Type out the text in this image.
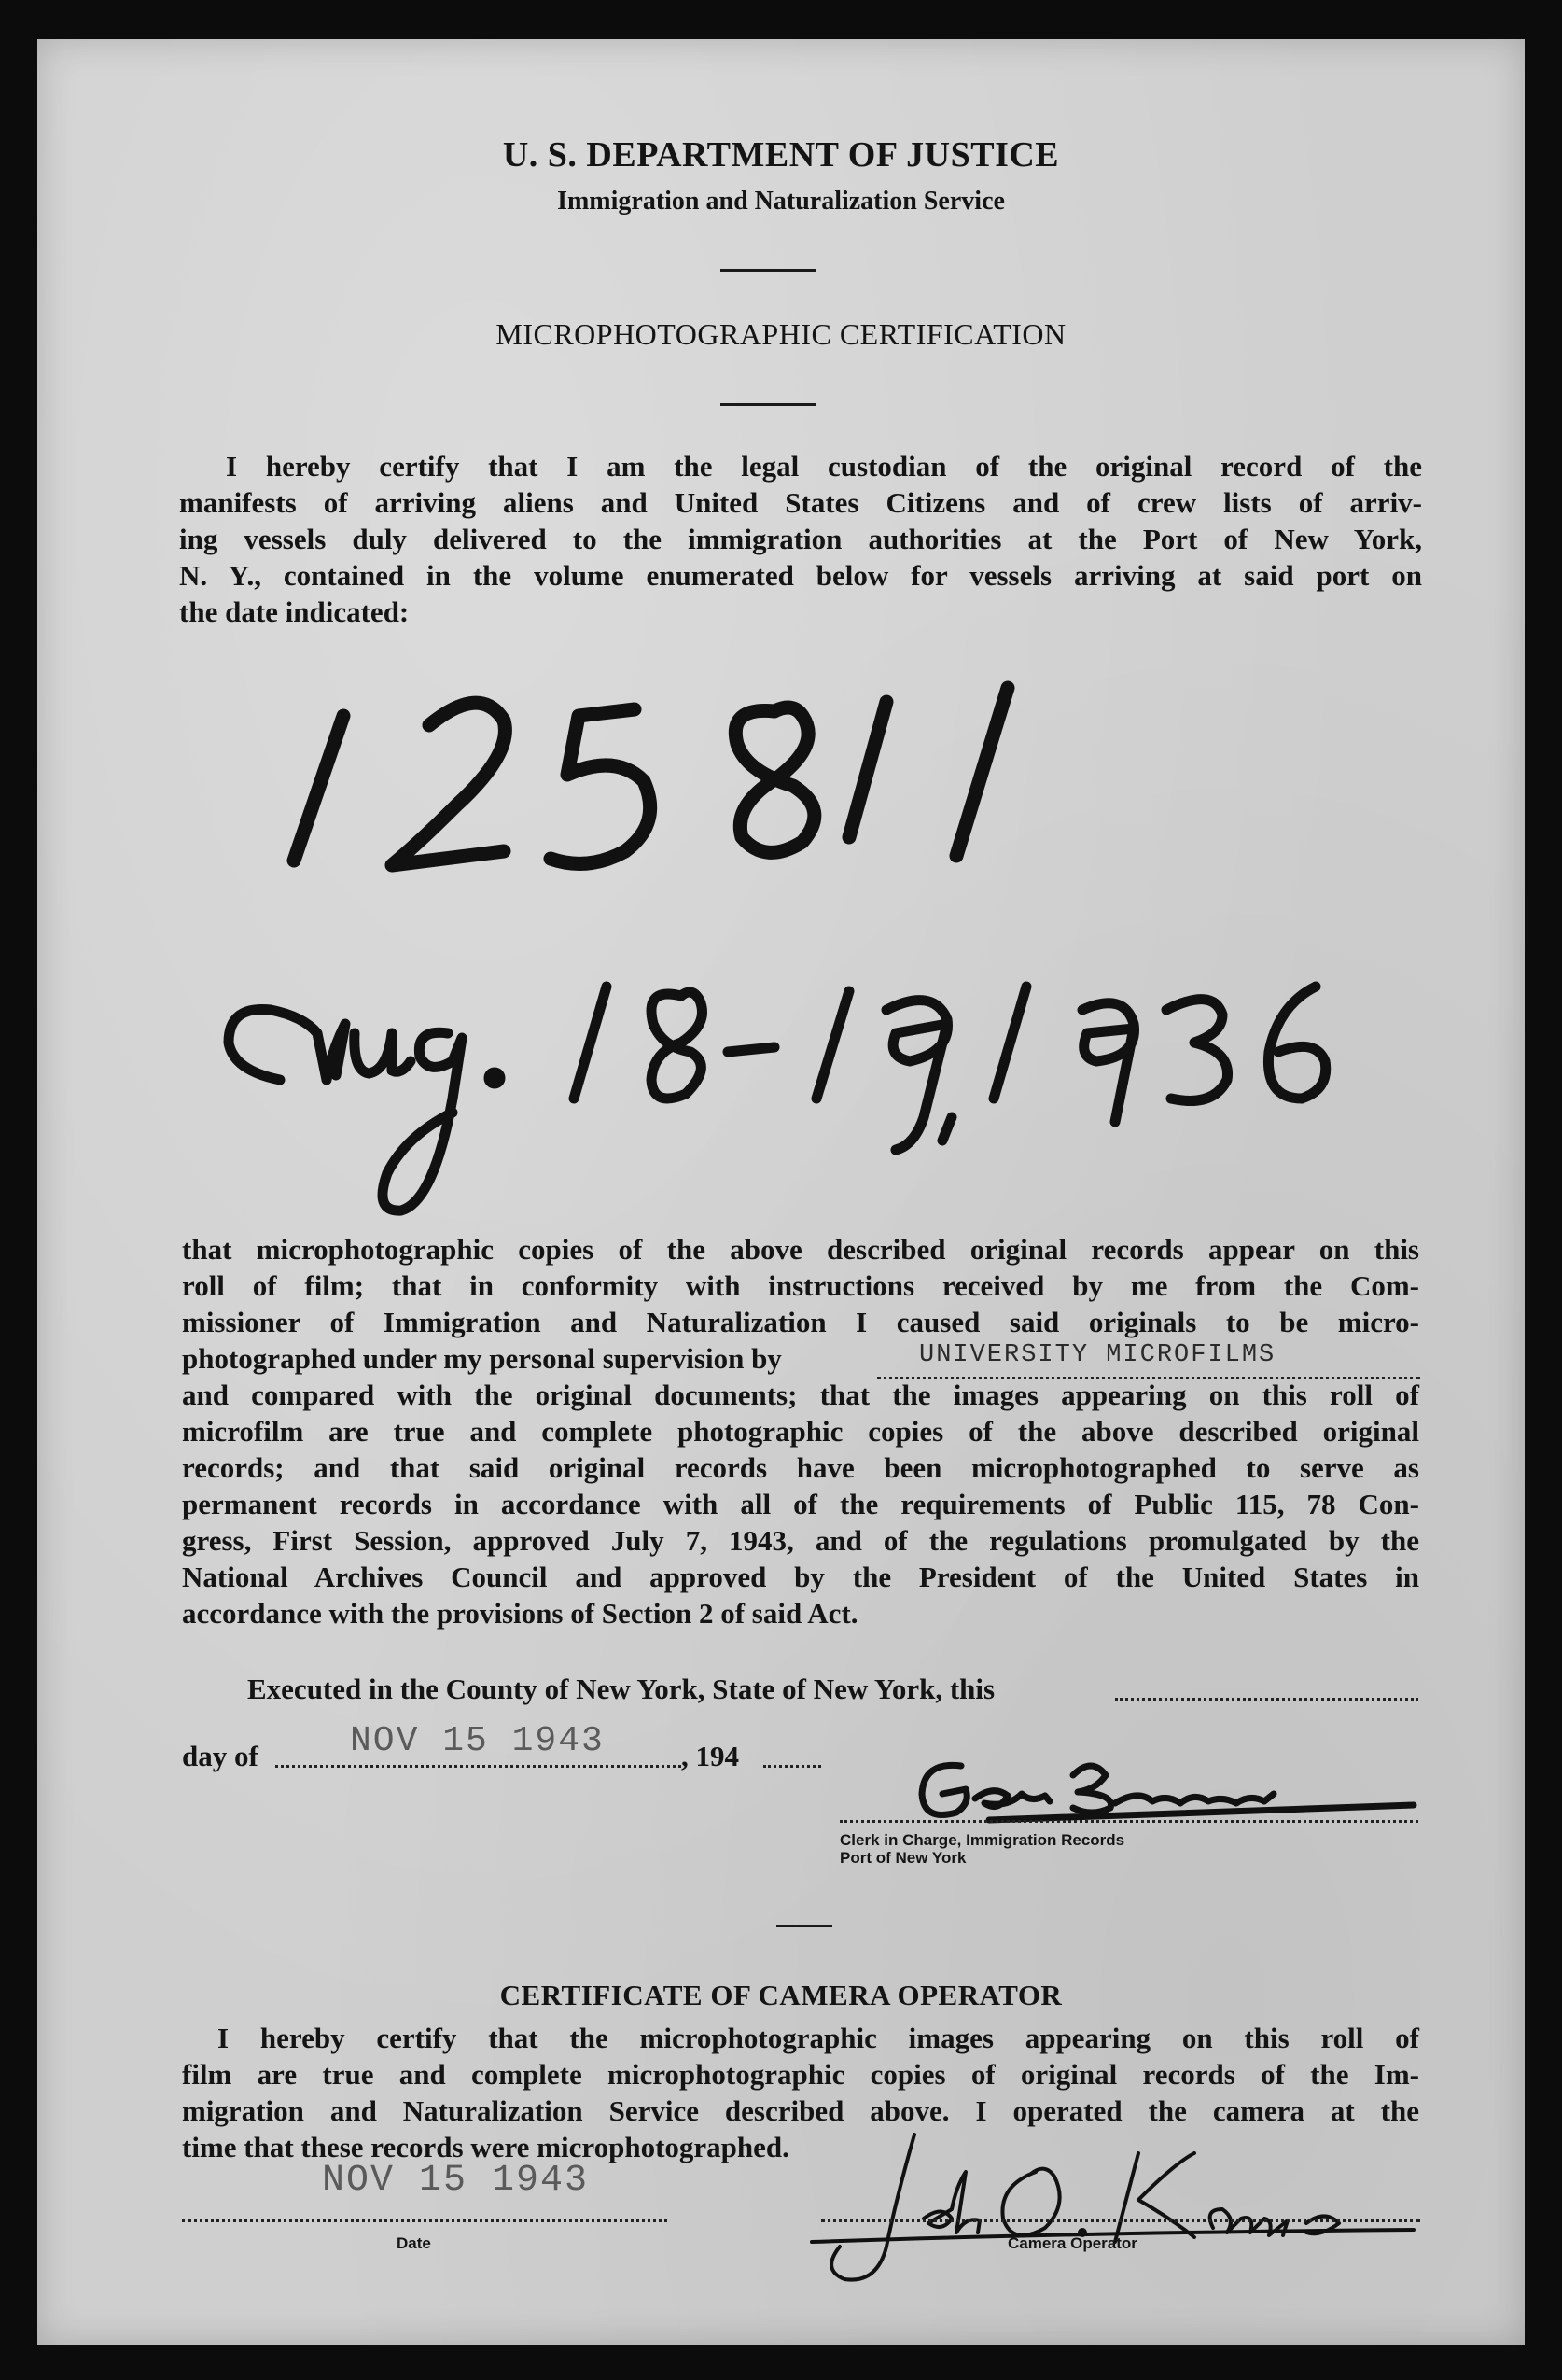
U. S. DEPARTMENT OF JUSTICE
Immigration and Naturalization Service
MICROPHOTOGRAPHIC CERTIFICATION
I hereby certify that I am the legal custodian of the original record of the
manifests of arriving aliens and United States Citizens and of crew lists of arriv-
ing vessels duly delivered to the immigration authorities at the Port of New York,
N. Y., contained in the volume enumerated below for vessels arriving at said port on
the date indicated:
that microphotographic copies of the above described original records appear on this
roll of film; that in conformity with instructions received by me from the Com-
missioner of Immigration and Naturalization I caused said originals to be micro-
photographed under my personal supervision by
and compared with the original documents; that the images appearing on this roll of
microfilm are true and complete photographic copies of the above described original
records; and that said original records have been microphotographed to serve as
permanent records in accordance with all of the requirements of Public 115, 78 Con-
gress, First Session, approved July 7, 1943, and of the regulations promulgated by the
National Archives Council and approved by the President of the United States in
accordance with the provisions of Section 2 of said Act.
UNIVERSITY MICROFILMS
Executed in the County of New York, State of New York, this
day of	NOV 15 1943	, 194
Clerk in Charge, Immigration Records
Port of New York
CERTIFICATE OF CAMERA OPERATOR
I hereby certify that the microphotographic images appearing on this roll of
film are true and complete microphotographic copies of original records of the Im-
migration and Naturalization Service described above. I operated the camera at the
time that these records were microphotographed.
NOV 15 1943
Date	Camera Operator
